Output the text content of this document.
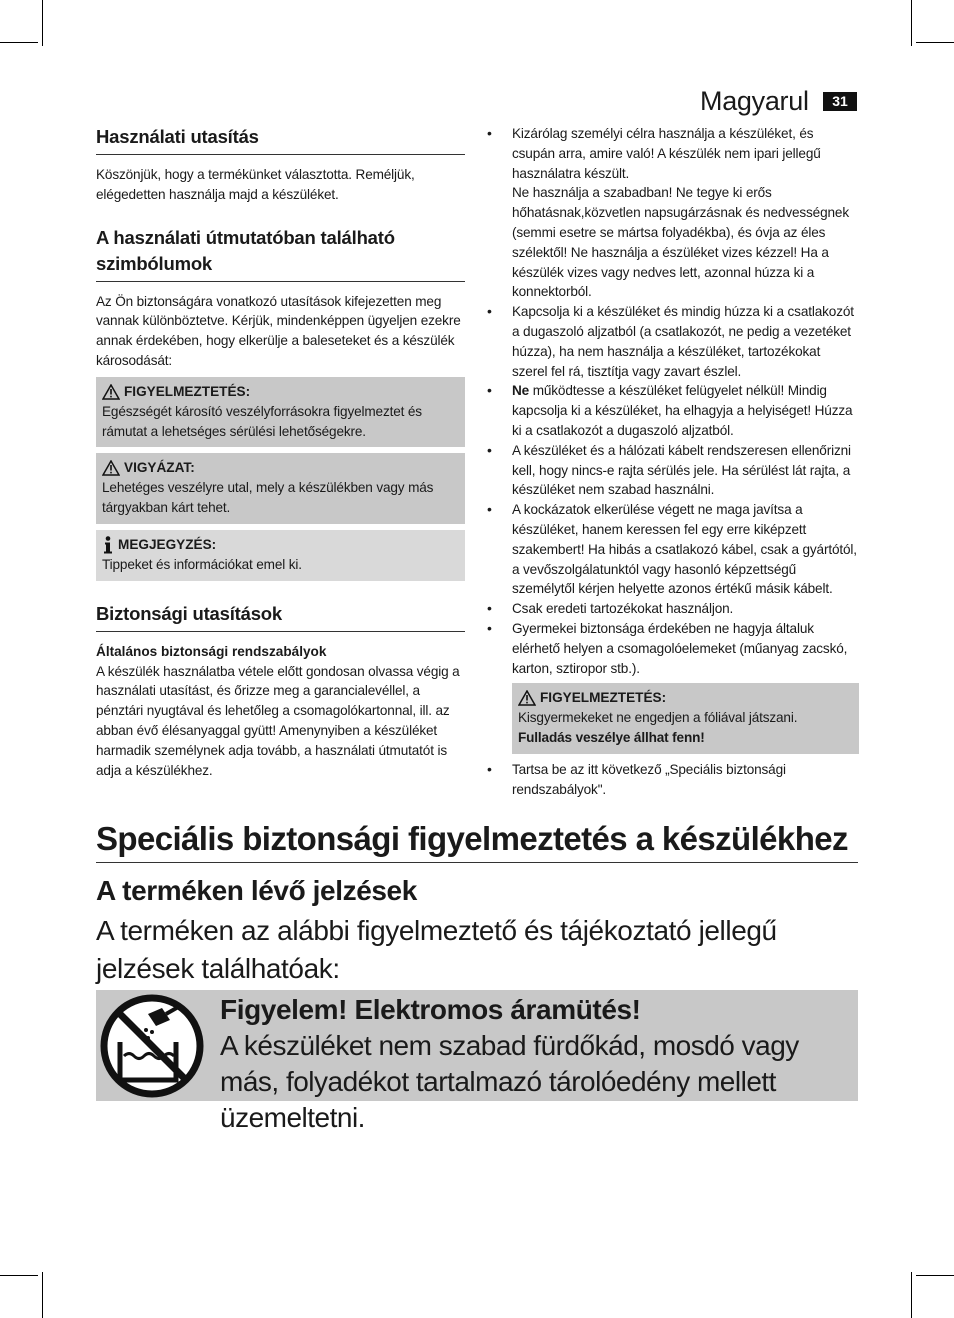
Magyarul	31
Használati utasítás

Köszönjük, hogy a termékünket választotta. Reméljük, elégedetten használja majd a készüléket.

A használati útmutatóban található szimbólumok

Az Ön biztonságára vonatkozó utasítások kifejezetten meg vannak különböztetve. Kérjük, mindenképpen ügyeljen ezekre annak érdekében, hogy elkerülje a baleseteket és a készülék károsodását:

FIGYELMEZTETÉS:
Egészségét károsító veszélyforrásokra figyelmeztet és rámutat a lehetséges sérülési lehetőségekre.
VIGYÁZAT:
Lehetéges veszélyre utal, mely a készülékben vagy más tárgyakban kárt tehet.
MEGJEGYZÉS:
Tippeket és információkat emel ki.
Biztonsági utasítások
Általános biztonsági rendszabályok

A készülék használatba vétele előtt gondosan olvassa végig a használati utasítást, és őrizze meg a garancialevéllel, a pénztári nyugtával és lehetőleg a csomagolókartonnal, ill. az abban évő élésanyaggal gyütt! Amenynyiben a készüléket harmadik személynek adja tovább, a használati útmutatót is adja a készülékhez.

• Kizárólag személyi célra használja a készüléket, és csupán arra, amire való! A készülék nem ipari jellegű használatra készült.
Ne használja a szabadban! Ne tegye ki erős hőhatásnak,közvetlen napsugárzásnak és nedvességnek (semmi esetre se mártsa folyadékba), és óvja az éles szélektől! Ne használja a észüléket vizes kézzel! Ha a készülék vizes vagy nedves lett, azonnal húzza ki a konnektorból.
• Kapcsolja ki a készüléket és mindig húzza ki a csatlakozót a dugaszoló aljzatból (a csatlakozót, ne pedig a vezetéket húzza), ha nem használja a készüléket, tartozékokat szerel fel rá, tisztítja vagy zavart észlel.
• Ne működtesse a készüléket felügyelet nélkül! Mindig kapcsolja ki a készüléket, ha elhagyja a helyiséget! Húzza ki a csatlakozót a dugaszoló aljzatból.
• A készüléket és a hálózati kábelt rendszeresen ellenőrizni kell, hogy nincs-e rajta sérülés jele. Ha sérülést lát rajta, a készüléket nem szabad használni.
• A kockázatok elkerülése végett ne maga javítsa a készüléket, hanem keressen fel egy erre kiképzett szakembert! Ha hibás a csatlakozó kábel, csak a gyártótól, a vevőszolgálatunktól vagy hasonló képzettségű személytől kérjen helyette azonos értékű másik kábelt.
• Csak eredeti tartozékokat használjon.
• Gyermekei biztonsága érdekében ne hagyja általuk elérhető helyen a csomagolóelemeket (műanyag zacskó, karton, sztiropor stb.).
FIGYELMEZTETÉS:
Kisgyermekeket ne engedjen a fóliával játszani. Fulladás veszélye állhat fenn!
• Tartsa be az itt következő „Speciális biztonsági rendszabályok".
Speciális biztonsági figyelmeztetés a készülékhez
A terméken lévő jelzések
A terméken az alábbi figyelmeztető és tájékoztató jellegű jelzések találhatóak:
Figyelem! Elektromos áramütés!
A készüléket nem szabad fürdőkád, mosdó vagy más, folyadékot tartalmazó tárolóedény mellett üzemeltetni.
